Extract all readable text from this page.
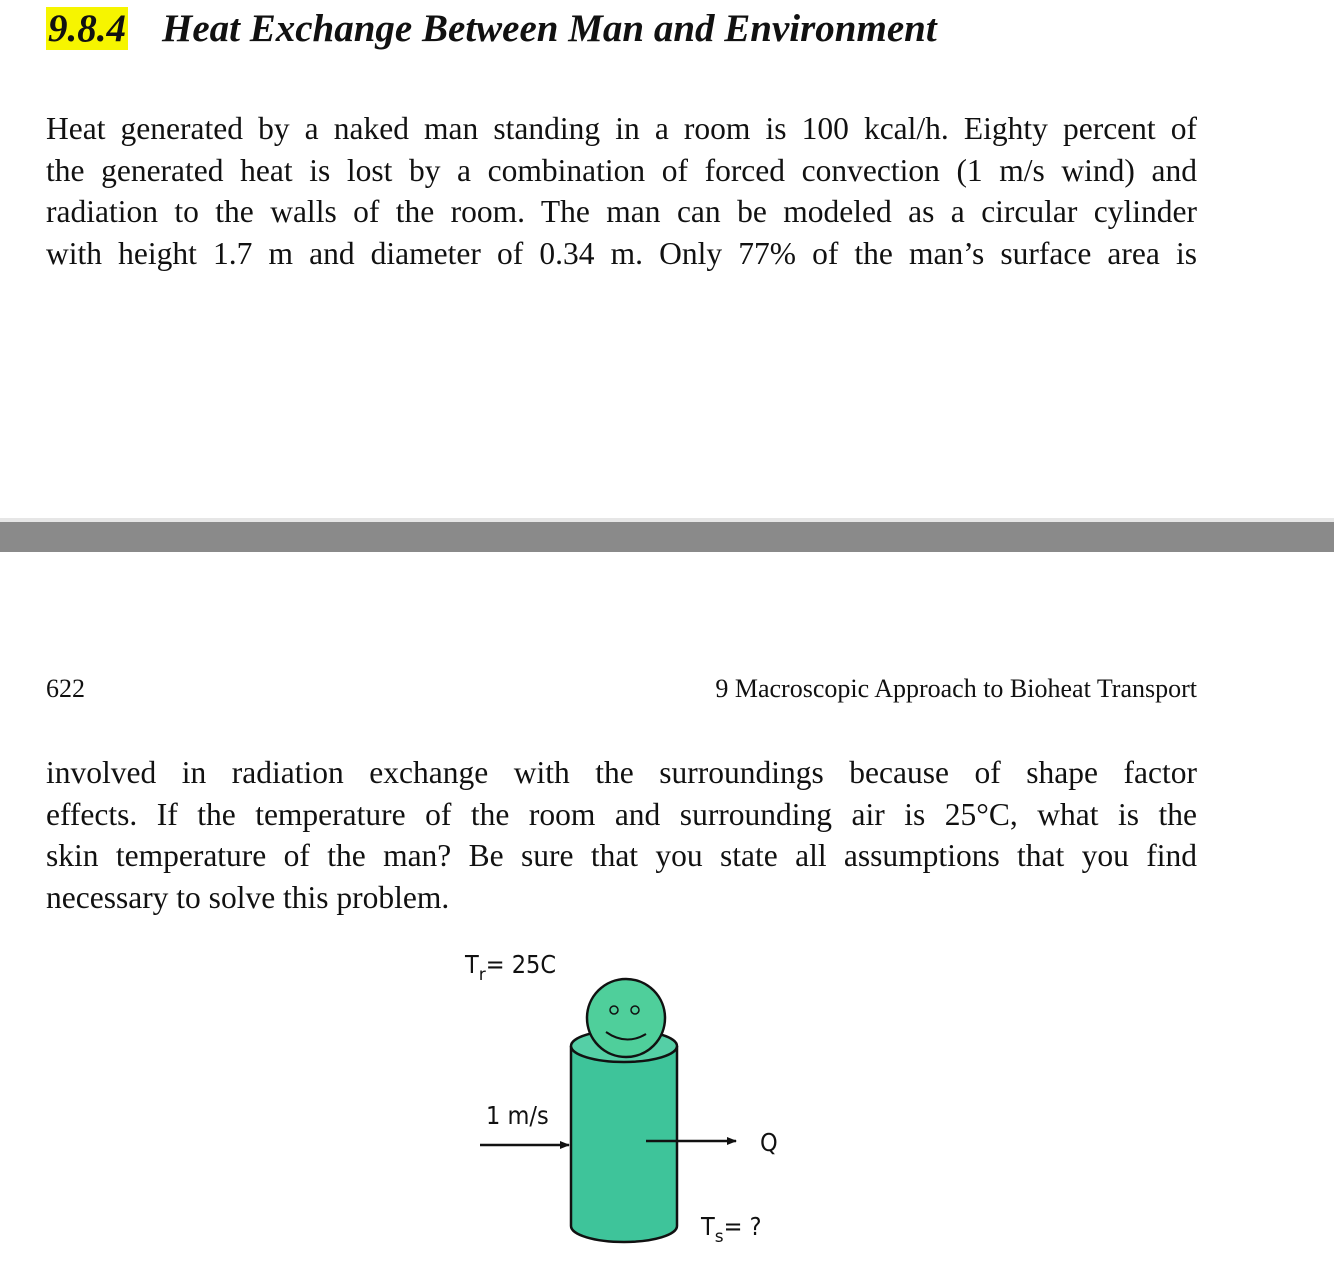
9.8.4 Heat Exchange Between Man and Environment
Heat generated by a naked man standing in a room is 100 kcal/h. Eighty percent of
the generated heat is lost by a combination of forced convection (1 m/s wind) and
radiation to the walls of the room. The man can be modeled as a circular cylinder
with height 1.7 m and diameter of 0.34 m. Only 77% of the man’s surface area is
622	9 Macroscopic Approach to Bioheat Transport
involved in radiation exchange with the surroundings because of shape factor
effects. If the temperature of the room and surrounding air is 25°C, what is the
skin temperature of the man? Be sure that you state all assumptions that you find
necessary to solve this problem.
$T_r= 25C$
1 m/s
Q
$T_s=$ ?
